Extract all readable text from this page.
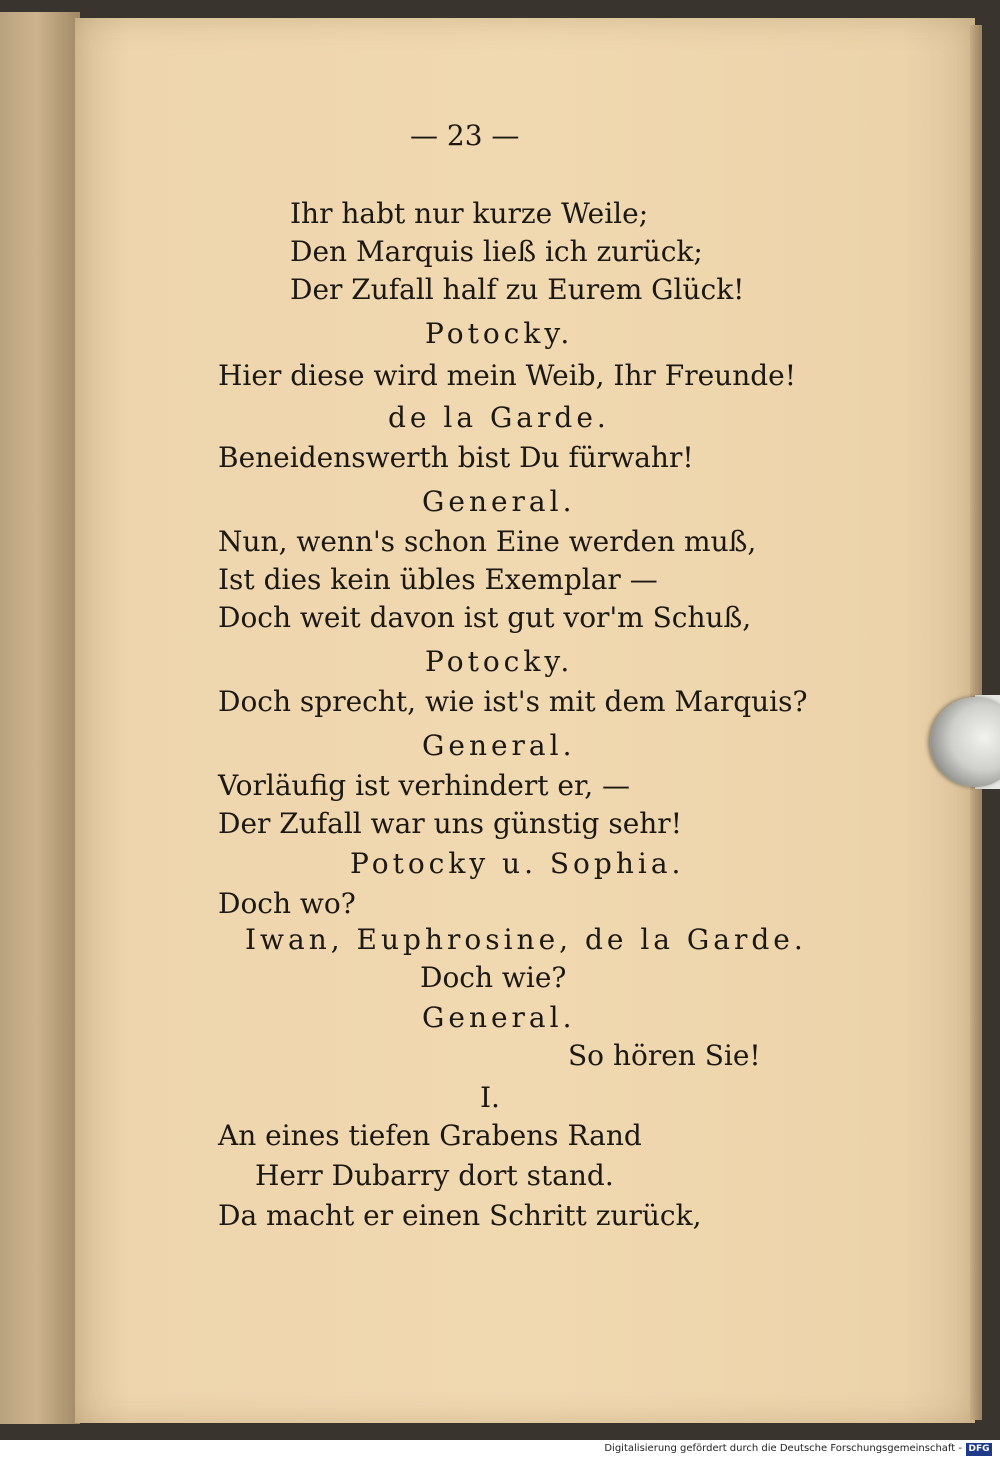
— 23 —
Ihr habt nur kurze Weile;
Den Marquis ließ ich zurück;
Der Zufall half zu Eurem Glück!
Potocky.
Hier diese wird mein Weib, Ihr Freunde!
de la Garde.
Beneidenswerth bist Du fürwahr!
General.
Nun, wenn's schon Eine werden muß,
Ist dies kein übles Exemplar —
Doch weit davon ist gut vor'm Schuß,
Potocky.
Doch sprecht, wie ist's mit dem Marquis?
General.
Vorläufig ist verhindert er, —
Der Zufall war uns günstig sehr!
Potocky u. Sophia.
Doch wo?
Iwan, Euphrosine, de la Garde.
Doch wie?
General.
So hören Sie!
I.
An eines tiefen Grabens Rand
Herr Dubarry dort stand.
Da macht er einen Schritt zurück,
Digitalisierung gefördert durch die Deutsche Forschungsgemeinschaft - DFG
